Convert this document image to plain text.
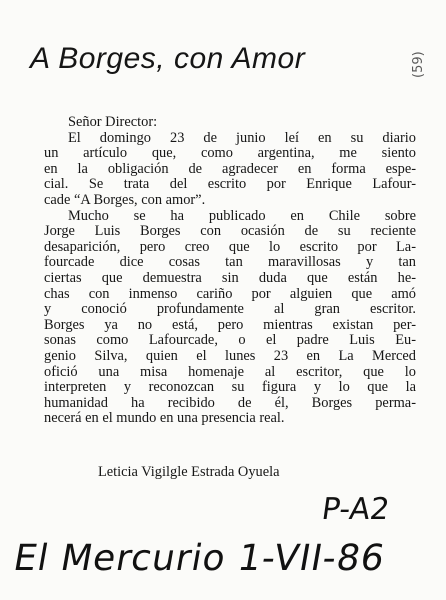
A Borges, con Amor	(59)
Señor Director:
El domingo 23 de junio leí en su diario
un artículo que, como argentina, me siento
en la obligación de agradecer en forma espe-
cial. Se trata del escrito por Enrique Lafour-
cade “A Borges, con amor”.
Mucho se ha publicado en Chile sobre
Jorge Luis Borges con ocasión de su reciente
desaparición, pero creo que lo escrito por La-
fourcade dice cosas tan maravillosas y tan
ciertas que demuestra sin duda que están he-
chas con inmenso cariño por alguien que amó
y conoció profundamente al gran escritor.
Borges ya no está, pero mientras existan per-
sonas como Lafourcade, o el padre Luis Eu-
genio Silva, quien el lunes 23 en La Merced
ofició una misa homenaje al escritor, que lo
interpreten y reconozcan su figura y lo que la
humanidad ha recibido de él, Borges perma-
necerá en el mundo en una presencia real.

Leticia Vigilgle Estrada Oyuela

P-A2
El Mercurio 1-VII-86
